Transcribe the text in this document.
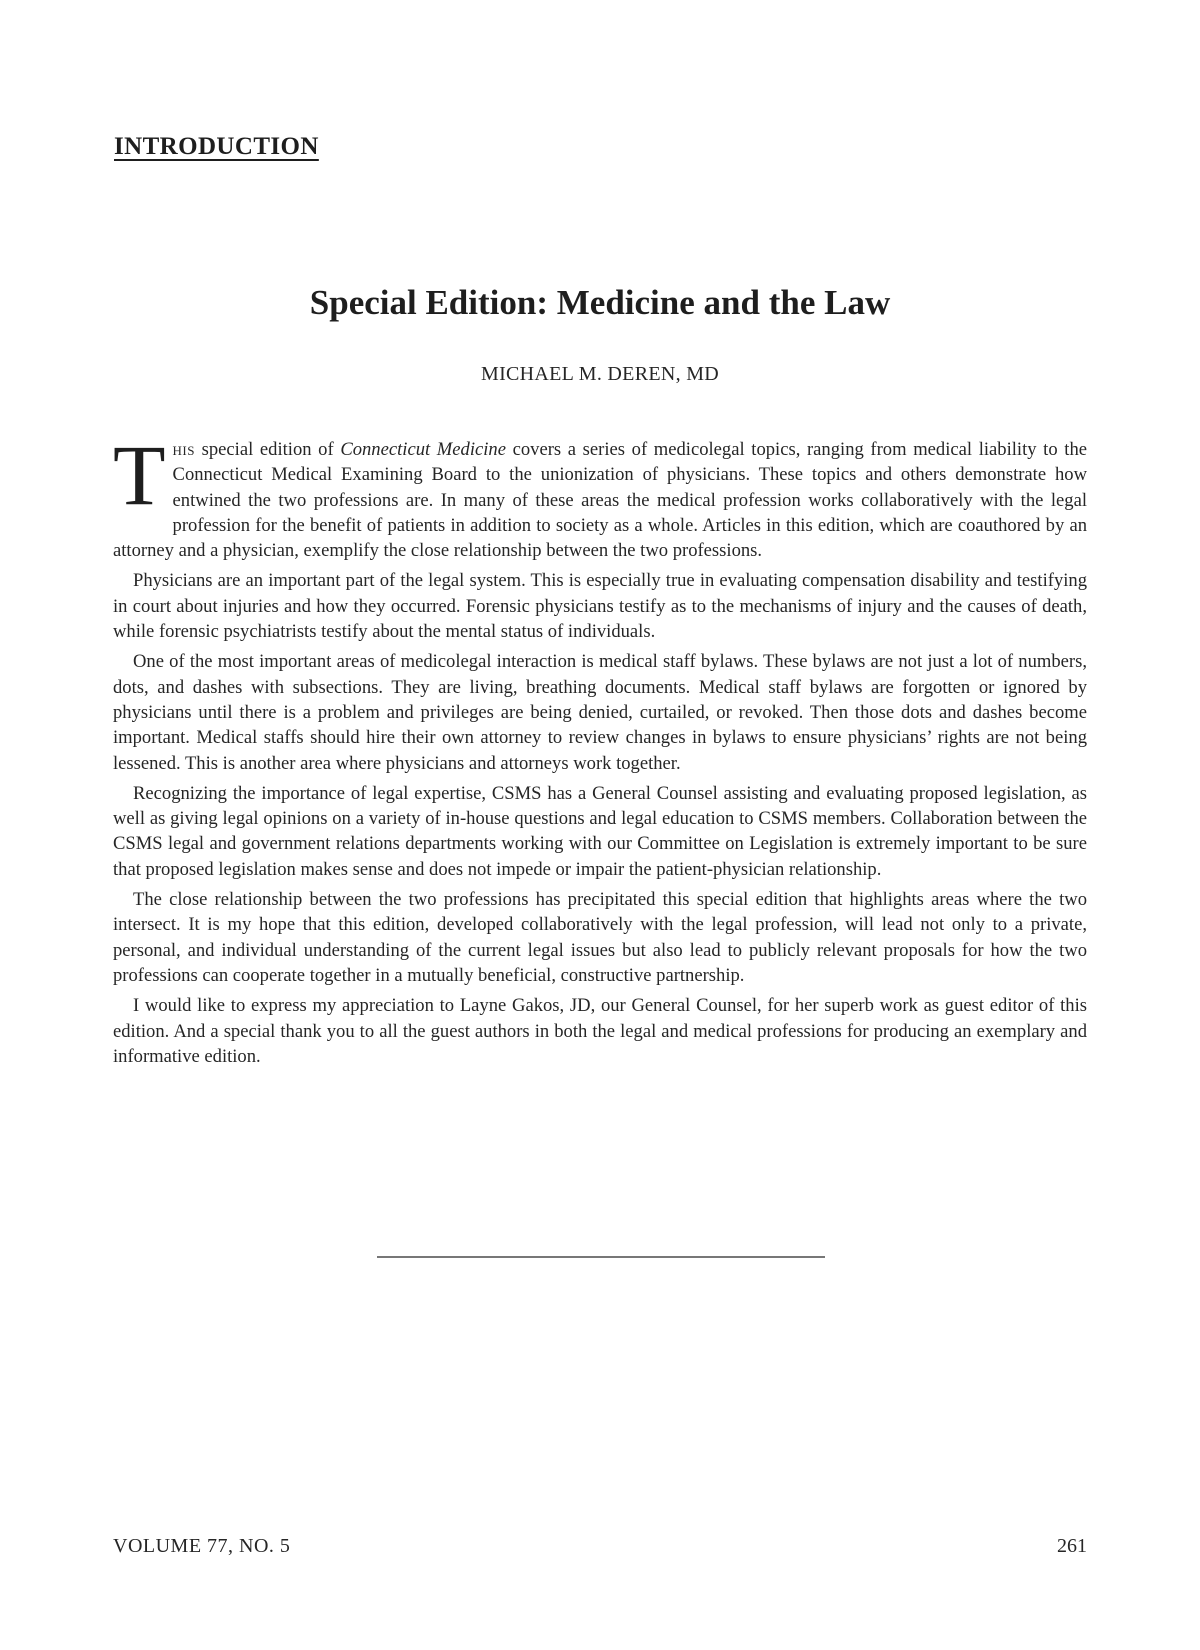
INTRODUCTION
Special Edition: Medicine and the Law
MICHAEL M. DEREN, MD

This special edition of Connecticut Medicine covers a series of medicolegal topics, ranging from medical liability to the Connecticut Medical Examining Board to the unionization of physicians. These topics and others demonstrate how entwined the two professions are. In many of these areas the medical profession works collaboratively with the legal profession for the benefit of patients in addition to society as a whole. Articles in this edition, which are coauthored by an attorney and a physician, exemplify the close relationship between the two professions.

Physicians are an important part of the legal system. This is especially true in evaluating compensation disability and testifying in court about injuries and how they occurred. Forensic physicians testify as to the mechanisms of injury and the causes of death, while forensic psychiatrists testify about the mental status of individuals.

One of the most important areas of medicolegal interaction is medical staff bylaws. These bylaws are not just a lot of numbers, dots, and dashes with subsections. They are living, breathing documents. Medical staff bylaws are forgotten or ignored by physicians until there is a problem and privileges are being denied, curtailed, or revoked. Then those dots and dashes become important. Medical staffs should hire their own attorney to review changes in bylaws to ensure physicians’ rights are not being lessened. This is another area where physicians and attorneys work together.

Recognizing the importance of legal expertise, CSMS has a General Counsel assisting and evaluating proposed legislation, as well as giving legal opinions on a variety of in-house questions and legal education to CSMS members. Collaboration between the CSMS legal and government relations departments working with our Committee on Legislation is extremely important to be sure that proposed legislation makes sense and does not impede or impair the patient-physician relationship.

The close relationship between the two professions has precipitated this special edition that highlights areas where the two intersect. It is my hope that this edition, developed collaboratively with the legal profession, will lead not only to a private, personal, and individual understanding of the current legal issues but also lead to publicly relevant proposals for how the two professions can cooperate together in a mutually beneficial, constructive partnership.

I would like to express my appreciation to Layne Gakos, JD, our General Counsel, for her superb work as guest editor of this edition. And a special thank you to all the guest authors in both the legal and medical professions for producing an exemplary and informative edition.

VOLUME 77, NO. 5	261
